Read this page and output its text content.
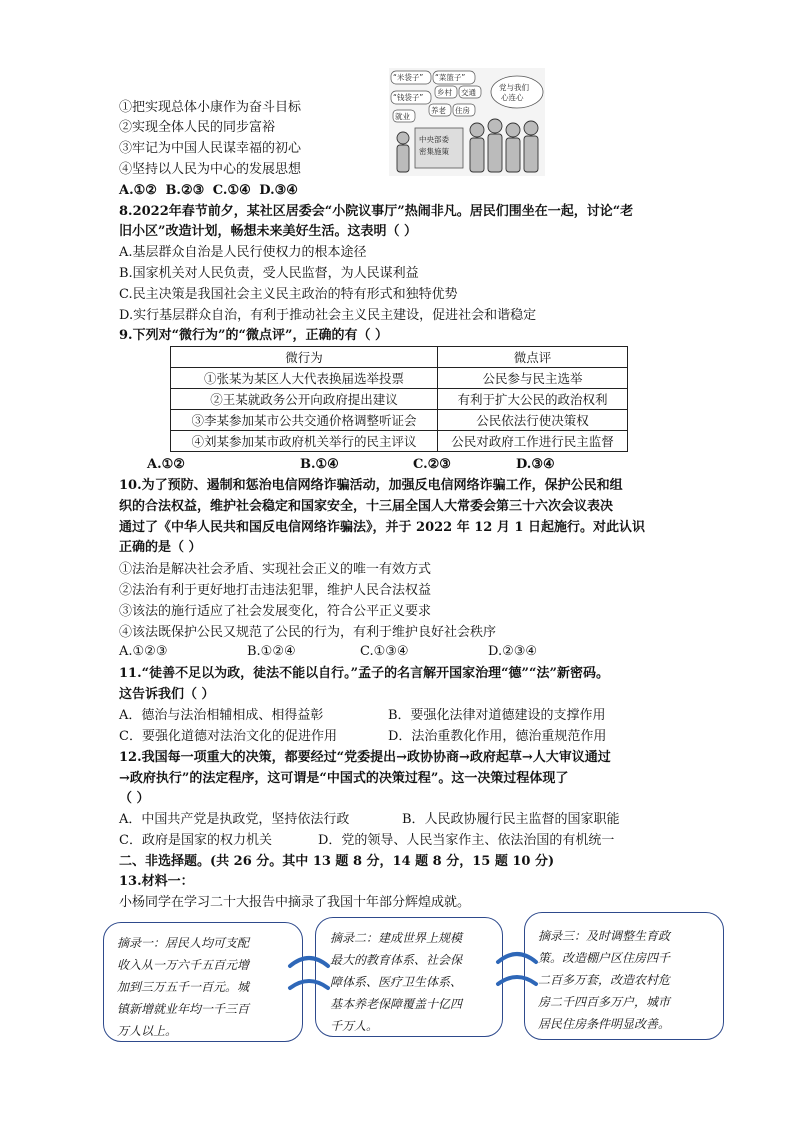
①把实现总体小康作为奋斗目标
②实现全体人民的同步富裕
③牢记为中国人民谋幸福的初心
④坚持以人民为中心的发展思想
A.①② B.②③ C.①④ D.③④
“米袋子” “菜篮子”
“钱袋子”
乡村 交通
就业
养老 住房
党与我们
心连心
中央部委
密集施策
8.2022年春节前夕，某社区居委会“小院议事厅”热闹非凡。居民们围坐在一起，讨论“老
旧小区”改造计划，畅想未来美好生活。这表明（ ）
A.基层群众自治是人民行使权力的根本途径
B.国家机关对人民负责，受人民监督，为人民谋利益
C.民主决策是我国社会主义民主政治的特有形式和独特优势
D.实行基层群众自治，有利于推动社会主义民主建设，促进社会和谐稳定
9.下列对“微行为”的“微点评”，正确的有（ ）
微行为	微点评
①张某为某区人大代表换届选举投票	公民参与民主选举
②王某就政务公开向政府提出建议	有利于扩大公民的政治权利
③李某参加某市公共交通价格调整听证会	公民依法行使决策权
④刘某参加某市政府机关举行的民主评议	公民对政府工作进行民主监督
A.①②	B.①④	C.②③	D.③④
10.为了预防、遏制和惩治电信网络诈骗活动，加强反电信网络诈骗工作，保护公民和组
织的合法权益，维护社会稳定和国家安全，十三届全国人大常委会第三十六次会议表决
通过了《中华人民共和国反电信网络诈骗法》，并于 2022 年 12 月 1 日起施行。对此认识
正确的是（ ）
①法治是解决社会矛盾、实现社会正义的唯一有效方式
②法治有利于更好地打击违法犯罪，维护人民合法权益
③该法的施行适应了社会发展变化，符合公平正义要求
④该法既保护公民又规范了公民的行为，有利于维护良好社会秩序
A.①②③	B.①②④	C.①③④	D.②③④
11.“徒善不足以为政，徒法不能以自行。”孟子的名言解开国家治理“德”“法”新密码。
这告诉我们（ ）
A．德治与法治相辅相成、相得益彰	B．要强化法律对道德建设的支撑作用
C．要强化道德对法治文化的促进作用	D．法治重教化作用，德治重规范作用
12.我国每一项重大的决策，都要经过“党委提出→政协协商→政府起草→人大审议通过
→政府执行”的法定程序，这可谓是“中国式的决策过程”。这一决策过程体现了
（ ）
A．中国共产党是执政党，坚持依法行政	B．人民政协履行民主监督的国家职能
C．政府是国家的权力机关	D．党的领导、人民当家作主、依法治国的有机统一
二、非选择题。(共 26 分。其中 13 题 8 分，14 题 8 分，15 题 10 分)
13.材料一：
小杨同学在学习二十大报告中摘录了我国十年部分辉煌成就。
摘录一：居民人均可支配
收入从一万六千五百元增
加到三万五千一百元。城
镇新增就业年均一千三百
万人以上。
摘录二：建成世界上规模
最大的教育体系、社会保
障体系、医疗卫生体系、
基本养老保障覆盖十亿四
千万人。
摘录三：及时调整生育政
策。改造棚户区住房四千
二百多万套，改造农村危
房二千四百多万户，城市
居民住房条件明显改善。
